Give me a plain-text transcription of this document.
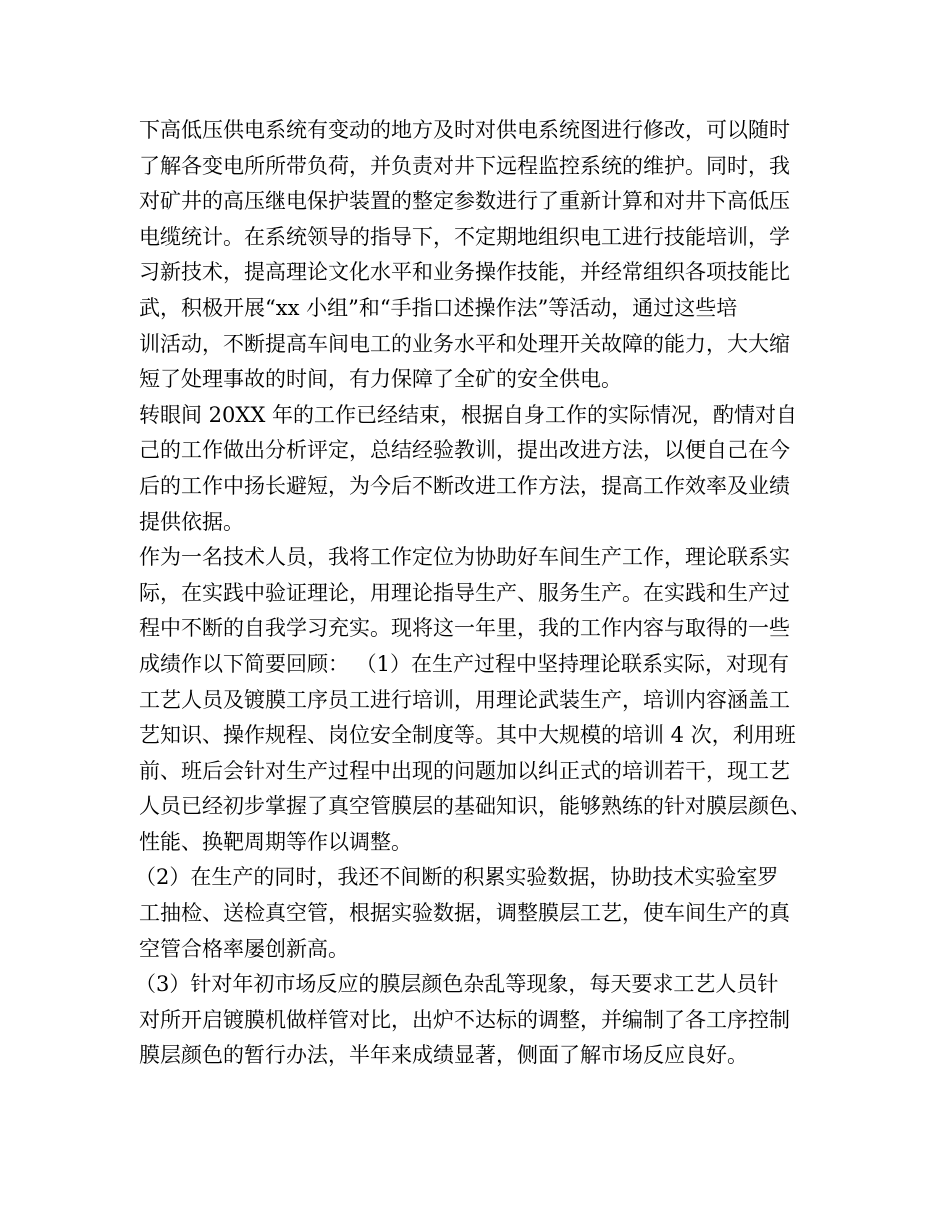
下高低压供电系统有变动的地方及时对供电系统图进行修改，可以随时
了解各变电所所带负荷，并负责对井下远程监控系统的维护。同时，我
对矿井的高压继电保护装置的整定参数进行了重新计算和对井下高低压
电缆统计。在系统领导的指导下，不定期地组织电工进行技能培训，学
习新技术，提高理论文化水平和业务操作技能，并经常组织各项技能比
武，积极开展“xx 小组”和“手指口述操作法”等活动，通过这些培
训活动，不断提高车间电工的业务水平和处理开关故障的能力，大大缩
短了处理事故的时间，有力保障了全矿的安全供电。
转眼间 20XX 年的工作已经结束，根据自身工作的实际情况，酌情对自
己的工作做出分析评定，总结经验教训，提出改进方法，以便自己在今
后的工作中扬长避短，为今后不断改进工作方法，提高工作效率及业绩
提供依据。
作为一名技术人员，我将工作定位为协助好车间生产工作，理论联系实
际，在实践中验证理论，用理论指导生产、服务生产。在实践和生产过
程中不断的自我学习充实。现将这一年里，我的工作内容与取得的一些
成绩作以下简要回顾： （1）在生产过程中坚持理论联系实际，对现有
工艺人员及镀膜工序员工进行培训，用理论武装生产，培训内容涵盖工
艺知识、操作规程、岗位安全制度等。其中大规模的培训 4 次，利用班
前、班后会针对生产过程中出现的问题加以纠正式的培训若干，现工艺
人员已经初步掌握了真空管膜层的基础知识，能够熟练的针对膜层颜色、
性能、换靶周期等作以调整。
（2）在生产的同时，我还不间断的积累实验数据，协助技术实验室罗
工抽检、送检真空管，根据实验数据，调整膜层工艺，使车间生产的真
空管合格率屡创新高。
（3）针对年初市场反应的膜层颜色杂乱等现象，每天要求工艺人员针
对所开启镀膜机做样管对比，出炉不达标的调整，并编制了各工序控制
膜层颜色的暂行办法，半年来成绩显著，侧面了解市场反应良好。
